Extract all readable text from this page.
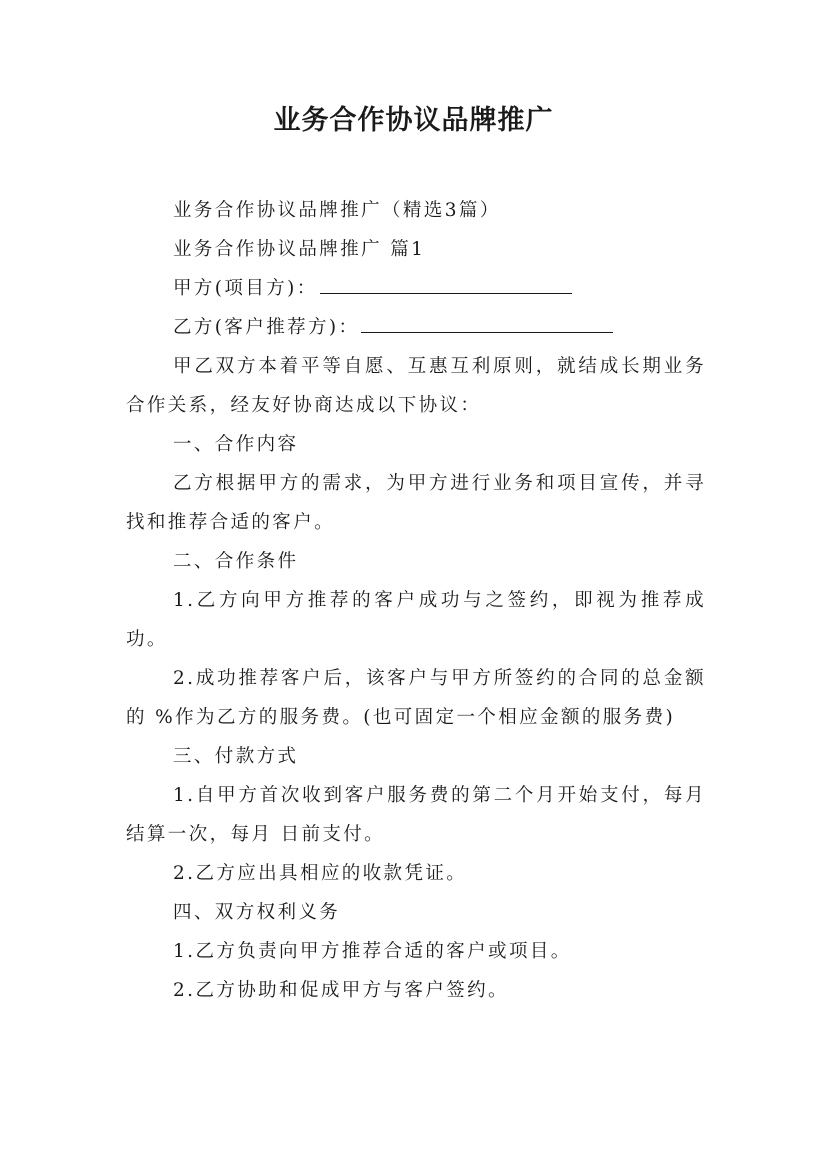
业务合作协议品牌推广

业务合作协议品牌推广（精选3篇）

业务合作协议品牌推广 篇1

甲方(项目方)：

乙方(客户推荐方)：

甲乙双方本着平等自愿、互惠互利原则，就结成长期业务合作关系，经友好协商达成以下协议：

一、合作内容

乙方根据甲方的需求，为甲方进行业务和项目宣传，并寻找和推荐合适的客户。

二、合作条件

1.乙方向甲方推荐的客户成功与之签约，即视为推荐成功。

2.成功推荐客户后，该客户与甲方所签约的合同的总金额的 %作为乙方的服务费。(也可固定一个相应金额的服务费)

三、付款方式

1.自甲方首次收到客户服务费的第二个月开始支付，每月结算一次，每月 日前支付。

2.乙方应出具相应的收款凭证。

四、双方权利义务

1.乙方负责向甲方推荐合适的客户或项目。

2.乙方协助和促成甲方与客户签约。
